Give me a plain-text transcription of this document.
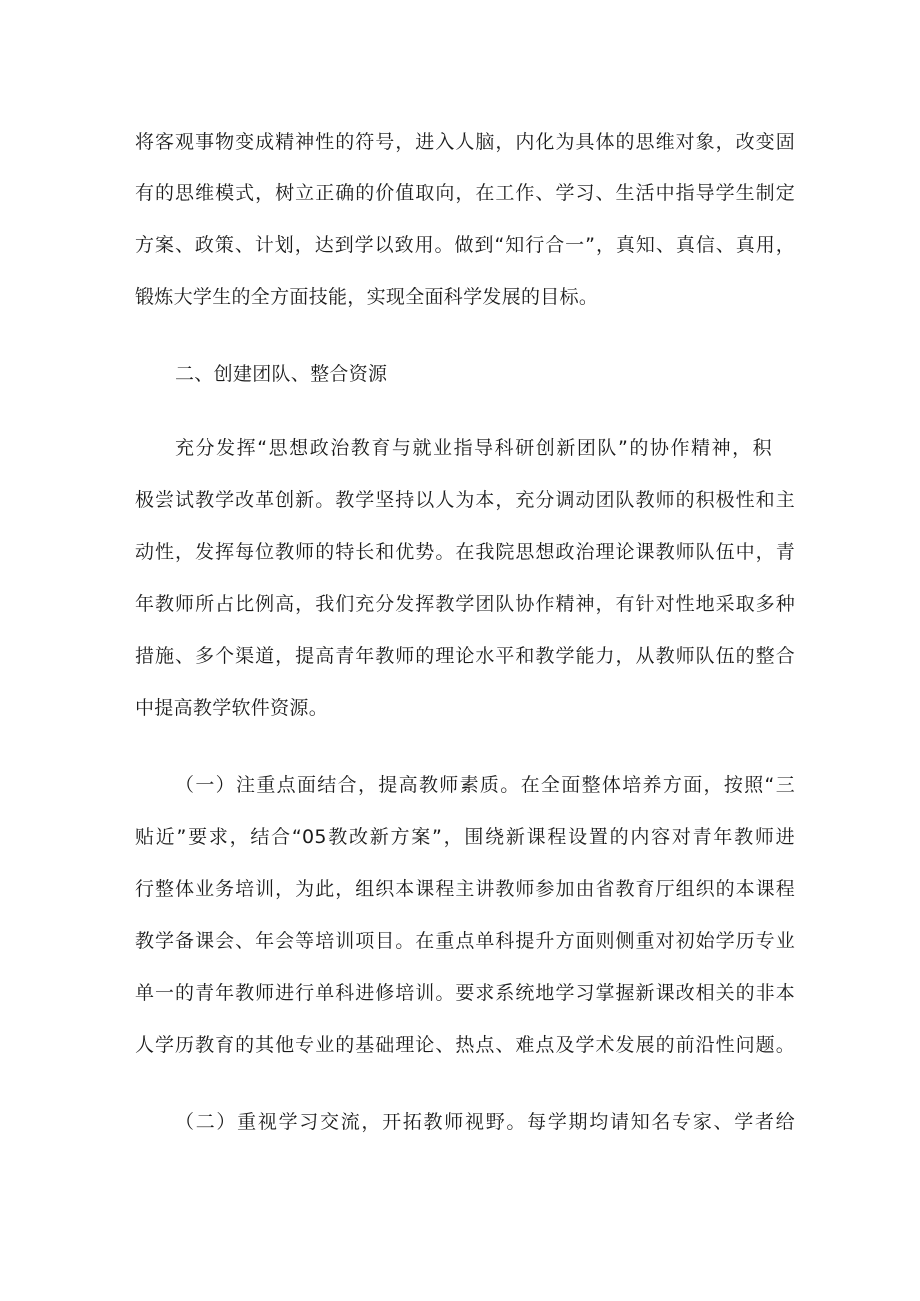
将客观事物变成精神性的符号，进入人脑，内化为具体的思维对象，改变固
有的思维模式，树立正确的价值取向，在工作、学习、生活中指导学生制定
方案、政策、计划，达到学以致用。做到“知行合一”，真知、真信、真用，
锻炼大学生的全方面技能，实现全面科学发展的目标。
二、创建团队、整合资源
充分发挥“思想政治教育与就业指导科研创新团队”的协作精神，积
极尝试教学改革创新。教学坚持以人为本，充分调动团队教师的积极性和主
动性，发挥每位教师的特长和优势。在我院思想政治理论课教师队伍中，青
年教师所占比例高，我们充分发挥教学团队协作精神，有针对性地采取多种
措施、多个渠道，提高青年教师的理论水平和教学能力，从教师队伍的整合
中提高教学软件资源。
（一）注重点面结合，提高教师素质。在全面整体培养方面，按照“三
贴近”要求，结合“05教改新方案”，围绕新课程设置的内容对青年教师进
行整体业务培训，为此，组织本课程主讲教师参加由省教育厅组织的本课程
教学备课会、年会等培训项目。在重点单科提升方面则侧重对初始学历专业
单一的青年教师进行单科进修培训。要求系统地学习掌握新课改相关的非本
人学历教育的其他专业的基础理论、热点、难点及学术发展的前沿性问题。
（二）重视学习交流，开拓教师视野。每学期均请知名专家、学者给
